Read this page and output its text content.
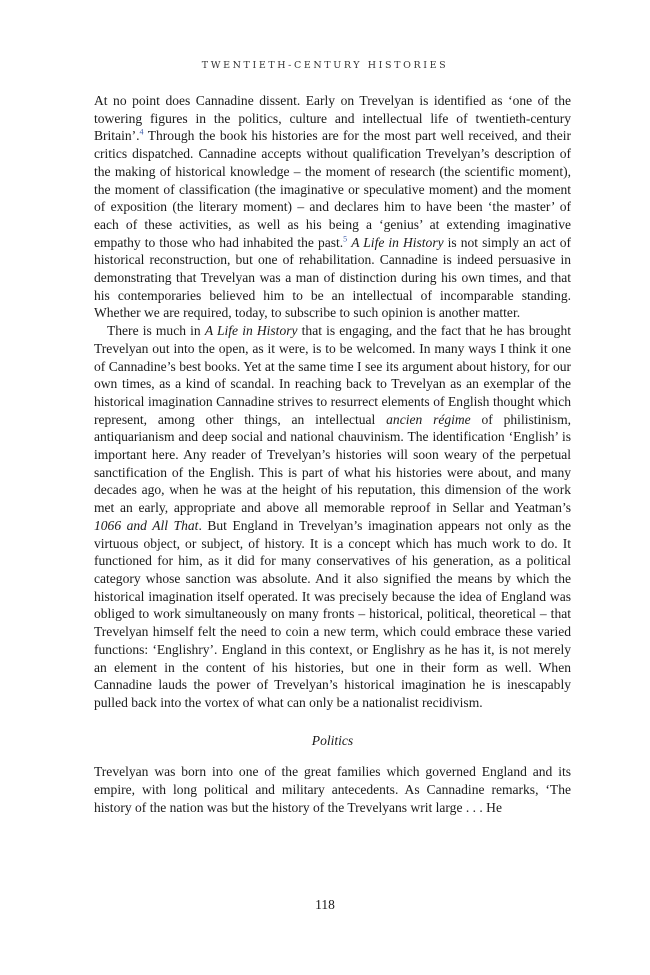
TWENTIETH-CENTURY HISTORIES

At no point does Cannadine dissent. Early on Trevelyan is identified as ‘one of the towering figures in the politics, culture and intellectual life of twentieth-century Britain’.$^4$ Through the book his histories are for the most part well received, and their critics dispatched. Cannadine accepts without qualification Trevelyan’s description of the making of historical knowledge – the moment of research (the scientific moment), the moment of classification (the imaginative or speculative moment) and the moment of exposition (the literary moment) – and declares him to have been ‘the master’ of each of these activities, as well as his being a ‘genius’ at extending imaginative empathy to those who had inhabited the past.$^5$ A Life in History is not simply an act of historical reconstruction, but one of rehabilitation. Cannadine is indeed persuasive in demonstrating that Trevelyan was a man of distinction during his own times, and that his contemporaries believed him to be an intellectual of incomparable standing. Whether we are required, today, to subscribe to such opinion is another matter.

There is much in A Life in History that is engaging, and the fact that he has brought Trevelyan out into the open, as it were, is to be welcomed. In many ways I think it one of Cannadine’s best books. Yet at the same time I see its argument about history, for our own times, as a kind of scandal. In reaching back to Trevelyan as an exemplar of the historical imagination Cannadine strives to resurrect elements of English thought which represent, among other things, an intellectual ancien régime of philistinism, antiquarianism and deep social and national chauvinism. The identification ‘English’ is important here. Any reader of Trevelyan’s histories will soon weary of the perpetual sanctification of the English. This is part of what his histories were about, and many decades ago, when he was at the height of his reputation, this dimension of the work met an early, appropriate and above all memorable reproof in Sellar and Yeatman’s 1066 and All That. But England in Trevelyan’s imagination appears not only as the virtuous object, or subject, of history. It is a concept which has much work to do. It functioned for him, as it did for many conservatives of his generation, as a political category whose sanction was absolute. And it also signified the means by which the historical imagination itself operated. It was precisely because the idea of England was obliged to work simultaneously on many fronts – historical, political, theoretical – that Trevelyan himself felt the need to coin a new term, which could embrace these varied functions: ‘Englishry’. England in this context, or Englishry as he has it, is not merely an element in the content of his histories, but one in their form as well. When Cannadine lauds the power of Trevelyan’s historical imagination he is inescapably pulled back into the vortex of what can only be a nationalist recidivism.

Politics

Trevelyan was born into one of the great families which governed England and its empire, with long political and military antecedents. As Cannadine remarks, ‘The history of the nation was but the history of the Trevelyans writ large . . . He

118
